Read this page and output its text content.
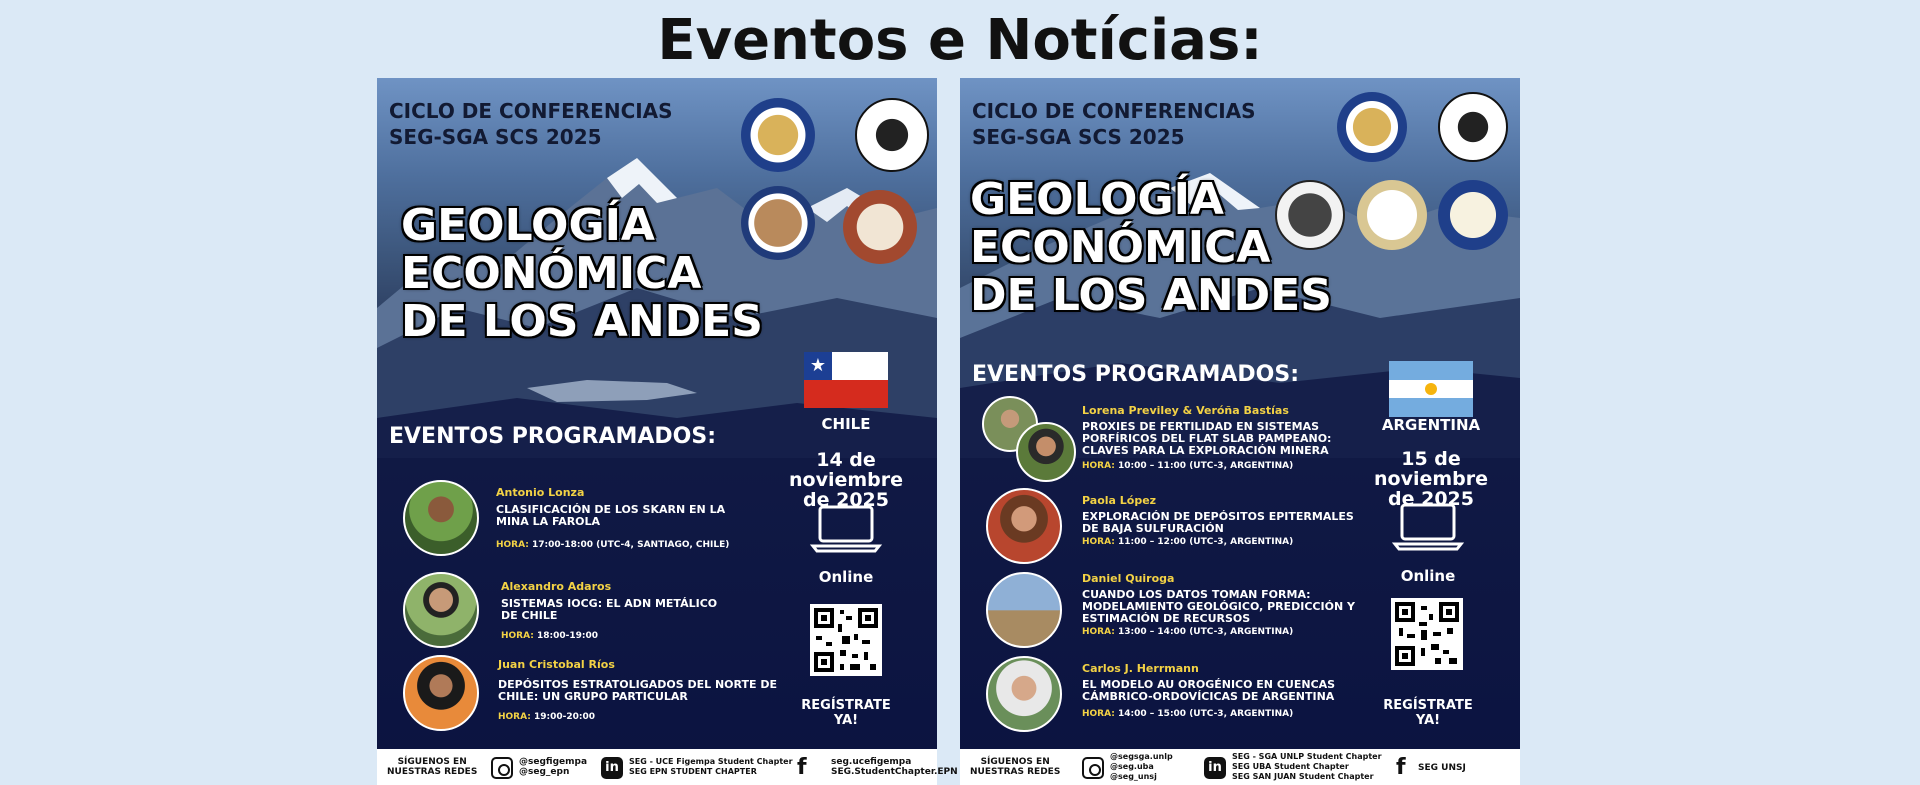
Eventos e Notícias:
CICLO DE CONFERENCIAS
SEG-SGA SCS 2025
GEOLOGÍA
ECONÓMICA
DE LOS ANDES
★
CHILE
14 de noviembre
de 2025
Online
REGÍSTRATE
YA!
EVENTOS PROGRAMADOS:
Antonio Lonza
CLASIFICACIÓN DE LOS SKARN EN LA
MINA LA FAROLA
HORA: 17:00-18:00 (UTC-4, SANTIAGO, CHILE)
Alexandro Adaros
SISTEMAS IOCG: EL ADN METÁLICO
DE CHILE
HORA: 18:00-19:00
Juan Cristobal Ríos
DEPÓSITOS ESTRATOLIGADOS DEL NORTE DE
CHILE: UN GRUPO PARTICULAR
HORA: 19:00-20:00
SÍGUENOS EN
NUESTRAS REDES
@segfigempa
@seg_epn	in	SEG - UCE Figempa Student Chapter
SEG EPN STUDENT CHAPTER	f	seg.ucefigempa
SEG.StudentChapter.EPN
CICLO DE CONFERENCIAS
SEG-SGA SCS 2025
GEOLOGÍA
ECONÓMICA
DE LOS ANDES
EVENTOS PROGRAMADOS:
ARGENTINA
15 de noviembre
de 2025
Online
REGÍSTRATE
YA!
Lorena Previley & Veróña Bastías
PROXIES DE FERTILIDAD EN SISTEMAS
PORFÍRICOS DEL FLAT SLAB PAMPEANO:
CLAVES PARA LA EXPLORACIÓN MINERA
HORA: 10:00 – 11:00 (UTC-3, ARGENTINA)
Paola López
EXPLORACIÓN DE DEPÓSITOS EPITERMALES
DE BAJA SULFURACIÓN
HORA: 11:00 – 12:00 (UTC-3, ARGENTINA)
Daniel Quiroga
CUANDO LOS DATOS TOMAN FORMA:
MODELAMIENTO GEOLÓGICO, PREDICCIÓN Y
ESTIMACIÓN DE RECURSOS
HORA: 13:00 – 14:00 (UTC-3, ARGENTINA)
Carlos J. Herrmann
EL MODELO AU OROGÉNICO EN CUENCAS
CÁMBRICO-ORDOVÍCICAS DE ARGENTINA
HORA: 14:00 – 15:00 (UTC-3, ARGENTINA)
SÍGUENOS EN
NUESTRAS REDES
@segsga.unlp
@seg.uba
@seg_unsj
in
SEG - SGA UNLP Student Chapter
SEG UBA Student Chapter
SEG SAN JUAN Student Chapter	f	SEG UNSJ
